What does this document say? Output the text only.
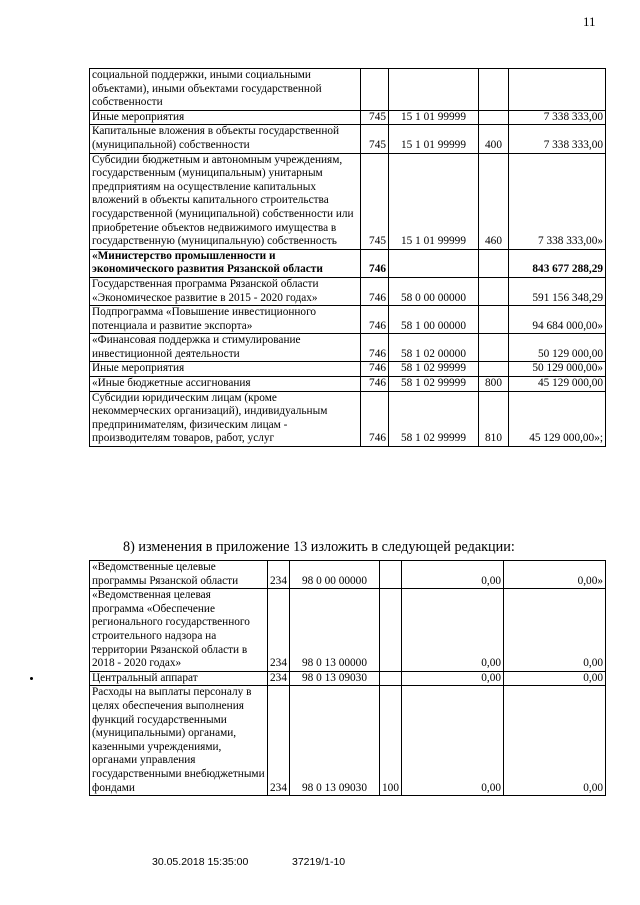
11
социальной поддержки, иными социальными объектами), иными объектами государственной собственности				
Иные мероприятия	745	15 1 01 99999		7 338 333,00
Капитальные вложения в объекты государственной (муниципальной) собственности	745	15 1 01 99999	400	7 338 333,00
Субсидии бюджетным и автономным учреждениям, государственным (муниципальным) унитарным предприятиям на осуществление капитальных вложений в объекты капитального строительства государственной (муниципальной) собственности или приобретение объектов недвижимого имущества в государственную (муниципальную) собственность	745	15 1 01 99999	460	7 338 333,00»
«Министерство промышленности и экономического развития Рязанской области	746			843 677 288,29
Государственная программа Рязанской области «Экономическое развитие в 2015 - 2020 годах»	746	58 0 00 00000		591 156 348,29
Подпрограмма «Повышение инвестиционного потенциала и развитие экспорта»	746	58 1 00 00000		94 684 000,00»
«Финансовая поддержка и стимулирование инвестиционной деятельности	746	58 1 02 00000		50 129 000,00
Иные мероприятия	746	58 1 02 99999		50 129 000,00»
«Иные бюджетные ассигнования	746	58 1 02 99999	800	45 129 000,00
Субсидии юридическим лицам (кроме некоммерческих организаций), индивидуальным предпринимателям, физическим лицам - производителям товаров, работ, услуг	746	58 1 02 99999	810	45 129 000,00»;
8) изменения в приложение 13 изложить в следующей редакции:
«Ведомственные целевые программы Рязанской области	234	98 0 00 00000		0,00	0,00»
«Ведомственная целевая программа «Обеспечение регионального государственного строительного надзора на территории Рязанской области в 2018 - 2020 годах»	234	98 0 13 00000		0,00	0,00
Центральный аппарат	234	98 0 13 09030		0,00	0,00
Расходы на выплаты персоналу в целях обеспечения выполнения функций государственными (муниципальными) органами, казенными учреждениями, органами управления государственными внебюджетными фондами	234	98 0 13 09030	100	0,00	0,00
30.05.2018 15:35:00	37219/1-10
